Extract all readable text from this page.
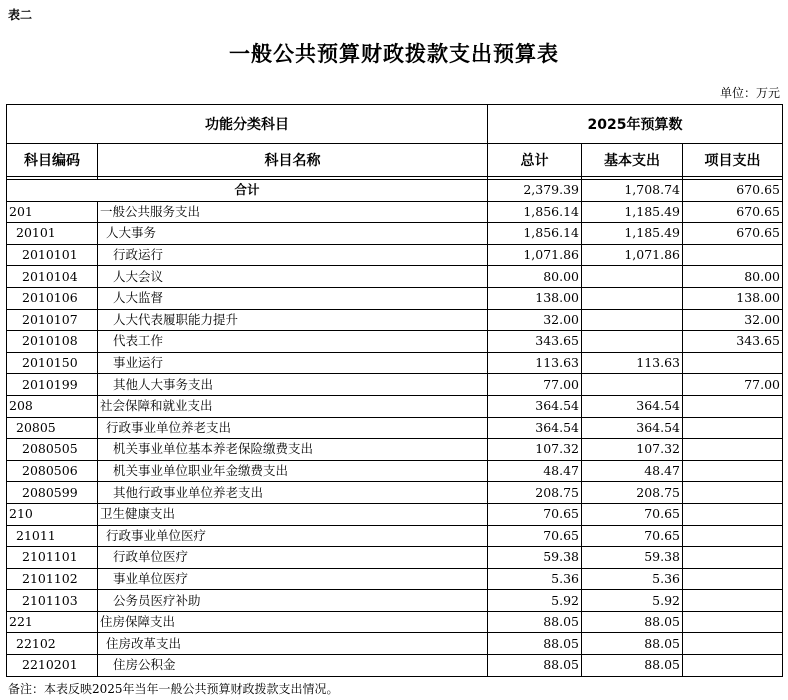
表二
一般公共预算财政拨款支出预算表
单位：万元
功能分类科目		2025年预算数		
科目编码	科目名称	总计	基本支出	项目支出

合计		2,379.39	1,708.74	670.65
201	一般公共服务支出	1,856.14	1,185.49	670.65
20101	人大事务	1,856.14	1,185.49	670.65
2010101	行政运行	1,071.86	1,071.86	
2010104	人大会议	80.00		80.00
2010106	人大监督	138.00		138.00
2010107	人大代表履职能力提升	32.00		32.00
2010108	代表工作	343.65		343.65
2010150	事业运行	113.63	113.63	
2010199	其他人大事务支出	77.00		77.00
208	社会保障和就业支出	364.54	364.54	
20805	行政事业单位养老支出	364.54	364.54	
2080505	机关事业单位基本养老保险缴费支出	107.32	107.32	
2080506	机关事业单位职业年金缴费支出	48.47	48.47	
2080599	其他行政事业单位养老支出	208.75	208.75	
210	卫生健康支出	70.65	70.65	
21011	行政事业单位医疗	70.65	70.65	
2101101	行政单位医疗	59.38	59.38	
2101102	事业单位医疗	5.36	5.36	
2101103	公务员医疗补助	5.92	5.92	
221	住房保障支出	88.05	88.05	
22102	住房改革支出	88.05	88.05	
2210201	住房公积金	88.05	88.05	
备注：本表反映2025年当年一般公共预算财政拨款支出情况。
